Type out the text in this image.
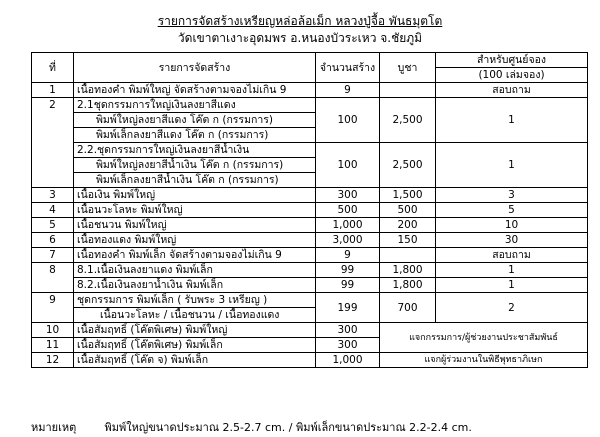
รายการจัดสร้างเหรียญหล่อล้อเม็ก หลวงปู่จื้อ พันธมุตโต
วัดเขาตาเงาะอุดมพร อ.หนองบัวระเหว จ.ชัยภูมิ
ที่	รายการจัดสร้าง	จำนวนสร้าง	บูชา	สำหรับศูนย์จอง
				(100 เล่มจอง)
1	เนื้อทองคำ พิมพ์ใหญ่ จัดสร้างตามจองไม่เกิน 9	9		สอบถาม
2	2.1ชุดกรรมการใหญ่เงินลงยาสีแดง	100	2,500	1
	พิมพ์ใหญ่ลงยาสีแดง โค๊ต ก (กรรมการ)			
	พิมพ์เล็กลงยาสีแดง โค๊ต ก (กรรมการ)			
	2.2.ชุดกรรมการใหญ่เงินลงยาสีน้ำเงิน	100	2,500	1
	พิมพ์ใหญ่ลงยาสีน้ำเงิน โค๊ต ก (กรรมการ)			
	พิมพ์เล็กลงยาสีน้ำเงิน โค๊ต ก (กรรมการ)			
3	เนื้อเงิน พิมพ์ใหญ่	300	1,500	3
4	เนื้อนวะโลหะ พิมพ์ใหญ่	500	500	5
5	เนื้อชนวน พิมพ์ใหญ่	1,000	200	10
6	เนื้อทองแดง พิมพ์ใหญ่	3,000	150	30
7	เนื้อทองคำ พิมพ์เล็ก จัดสร้างตามจองไม่เกิน 9	9		สอบถาม
8	8.1.เนื้อเงินลงยาแดง พิมพ์เล็ก	99	1,800	1
	8.2.เนื้อเงินลงยาน้ำเงิน พิมพ์เล็ก	99	1,800	1
9	ชุดกรรมการ พิมพ์เล็ก ( รับพระ 3 เหรียญ )	199	700	2
	เนื้อนวะโลหะ / เนื้อชนวน / เนื้อทองแดง			
10	เนื้อสัมฤทธิ์ (โค๊ตพิเศษ) พิมพ์ใหญ่	300	แจกกรรมการ/ผู้ช่วยงานประชาสัมพันธ์	
11	เนื้อสัมฤทธิ์ (โค๊ตพิเศษ) พิมพ์เล็ก	300		
12	เนื้อสัมฤทธิ์ (โค๊ต จ) พิมพ์เล็ก	1,000	แจกผู้ร่วมงานในพิธีพุทธาภิเษก	
หมายเหตุ	พิมพ์ใหญ่ขนาดประมาณ 2.5-2.7 cm. / พิมพ์เล็กขนาดประมาณ 2.2-2.4 cm.
